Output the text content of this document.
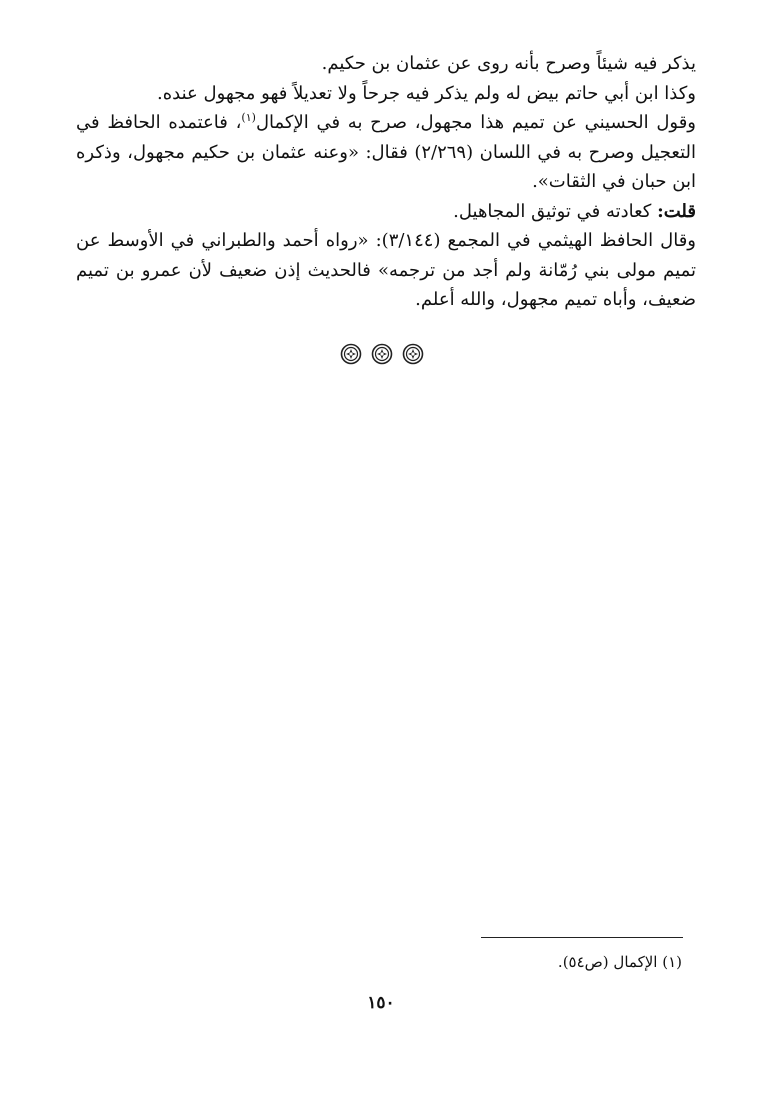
يذكر فيه شيئاً وصرح بأنه روى عن عثمان بن حكيم.

وكذا ابن أبي حاتم بيض له ولم يذكر فيه جرحاً ولا تعديلاً فهو مجهول عنده.

وقول الحسيني عن تميم هذا مجهول، صرح به في الإكمال$^{(١)}$، فاعتمده الحافظ في التعجيل وصرح به في اللسان (٢/٢٦٩) فقال: «وعنه عثمان بن حكيم مجهول، وذكره ابن حبان في الثقات».

قلت: كعادته في توثيق المجاهيل.

وقال الحافظ الهيثمي في المجمع (٣/١٤٤): «رواه أحمد والطبراني في الأوسط عن تميم مولى بني رُمّانة ولم أجد من ترجمه» فالحديث إذن ضعيف لأن عمرو بن تميم ضعيف، وأباه تميم مجهول، والله أعلم.

(١) الإكمال (ص٥٤).
١٥٠
